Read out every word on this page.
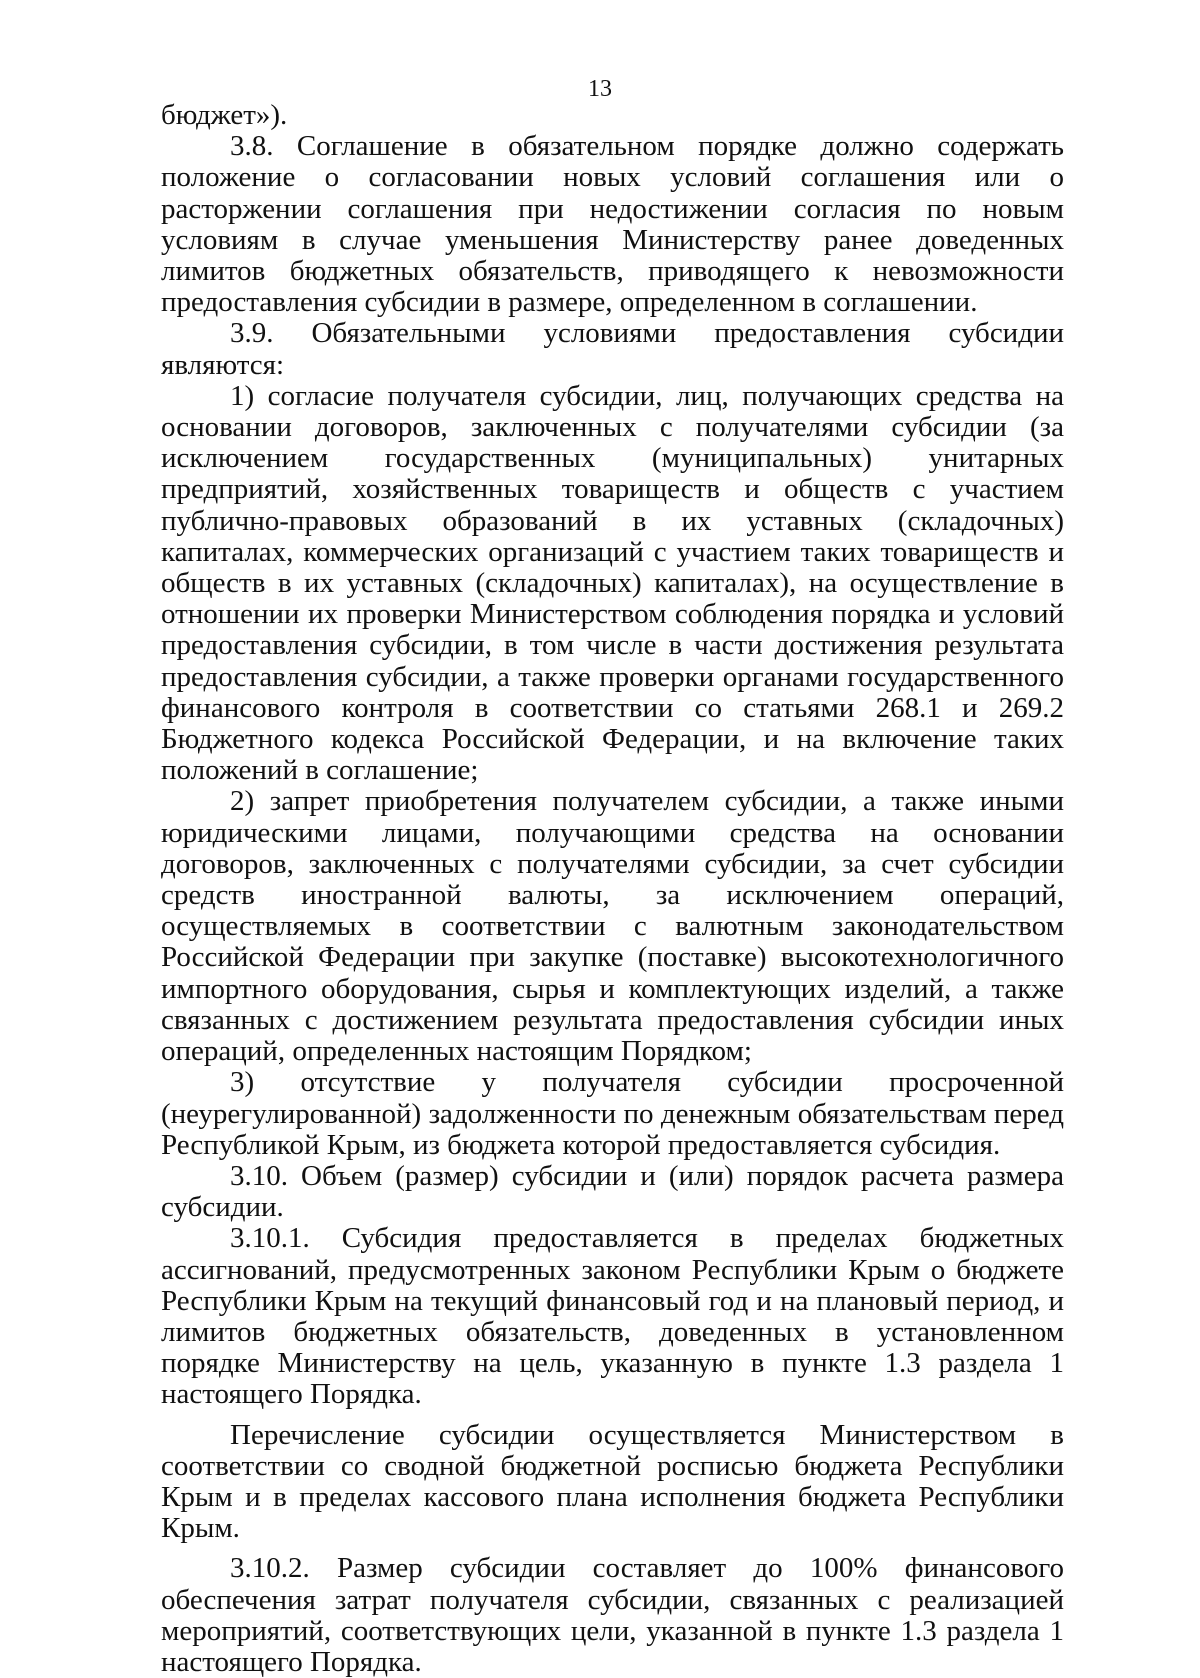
13

бюджет»).

3.8. Соглашение в обязательном порядке должно содержать положение о согласовании новых условий соглашения или о расторжении соглашения при недостижении согласия по новым условиям в случае уменьшения Министерству ранее доведенных лимитов бюджетных обязательств, приводящего к невозможности предоставления субсидии в размере, определенном в соглашении.

3.9. Обязательными условиями предоставления субсидии являются:

1) согласие получателя субсидии, лиц, получающих средства на основании договоров, заключенных с получателями субсидии (за исключением государственных (муниципальных) унитарных предприятий, хозяйственных товариществ и обществ с участием публично-правовых образований в их уставных (складочных) капиталах, коммерческих организаций с участием таких товариществ и обществ в их уставных (складочных) капиталах), на осуществление в отношении их проверки Министерством соблюдения порядка и условий предоставления субсидии, в том числе в части достижения результата предоставления субсидии, а также проверки органами государственного финансового контроля в соответствии со статьями 268.1 и 269.2 Бюджетного кодекса Российской Федерации, и на включение таких положений в соглашение;

2) запрет приобретения получателем субсидии, а также иными юридическими лицами, получающими средства на основании договоров, заключенных с получателями субсидии, за счет субсидии средств иностранной валюты, за исключением операций, осуществляемых в соответствии с валютным законодательством Российской Федерации при закупке (поставке) высокотехнологичного импортного оборудования, сырья и комплектующих изделий, а также связанных с достижением результата предоставления субсидии иных операций, определенных настоящим Порядком;

3) отсутствие у получателя субсидии просроченной (неурегулированной) задолженности по денежным обязательствам перед Республикой Крым, из бюджета которой предоставляется субсидия.

3.10. Объем (размер) субсидии и (или) порядок расчета размера субсидии.

3.10.1. Субсидия предоставляется в пределах бюджетных ассигнований, предусмотренных законом Республики Крым о бюджете Республики Крым на текущий финансовый год и на плановый период, и лимитов бюджетных обязательств, доведенных в установленном порядке Министерству на цель, указанную в пункте 1.3 раздела 1 настоящего Порядка.

Перечисление субсидии осуществляется Министерством в соответствии со сводной бюджетной росписью бюджета Республики Крым и в пределах кассового плана исполнения бюджета Республики Крым.

3.10.2. Размер субсидии составляет до 100% финансового обеспечения затрат получателя субсидии, связанных с реализацией мероприятий, соответствующих цели, указанной в пункте 1.3 раздела 1 настоящего Порядка.
